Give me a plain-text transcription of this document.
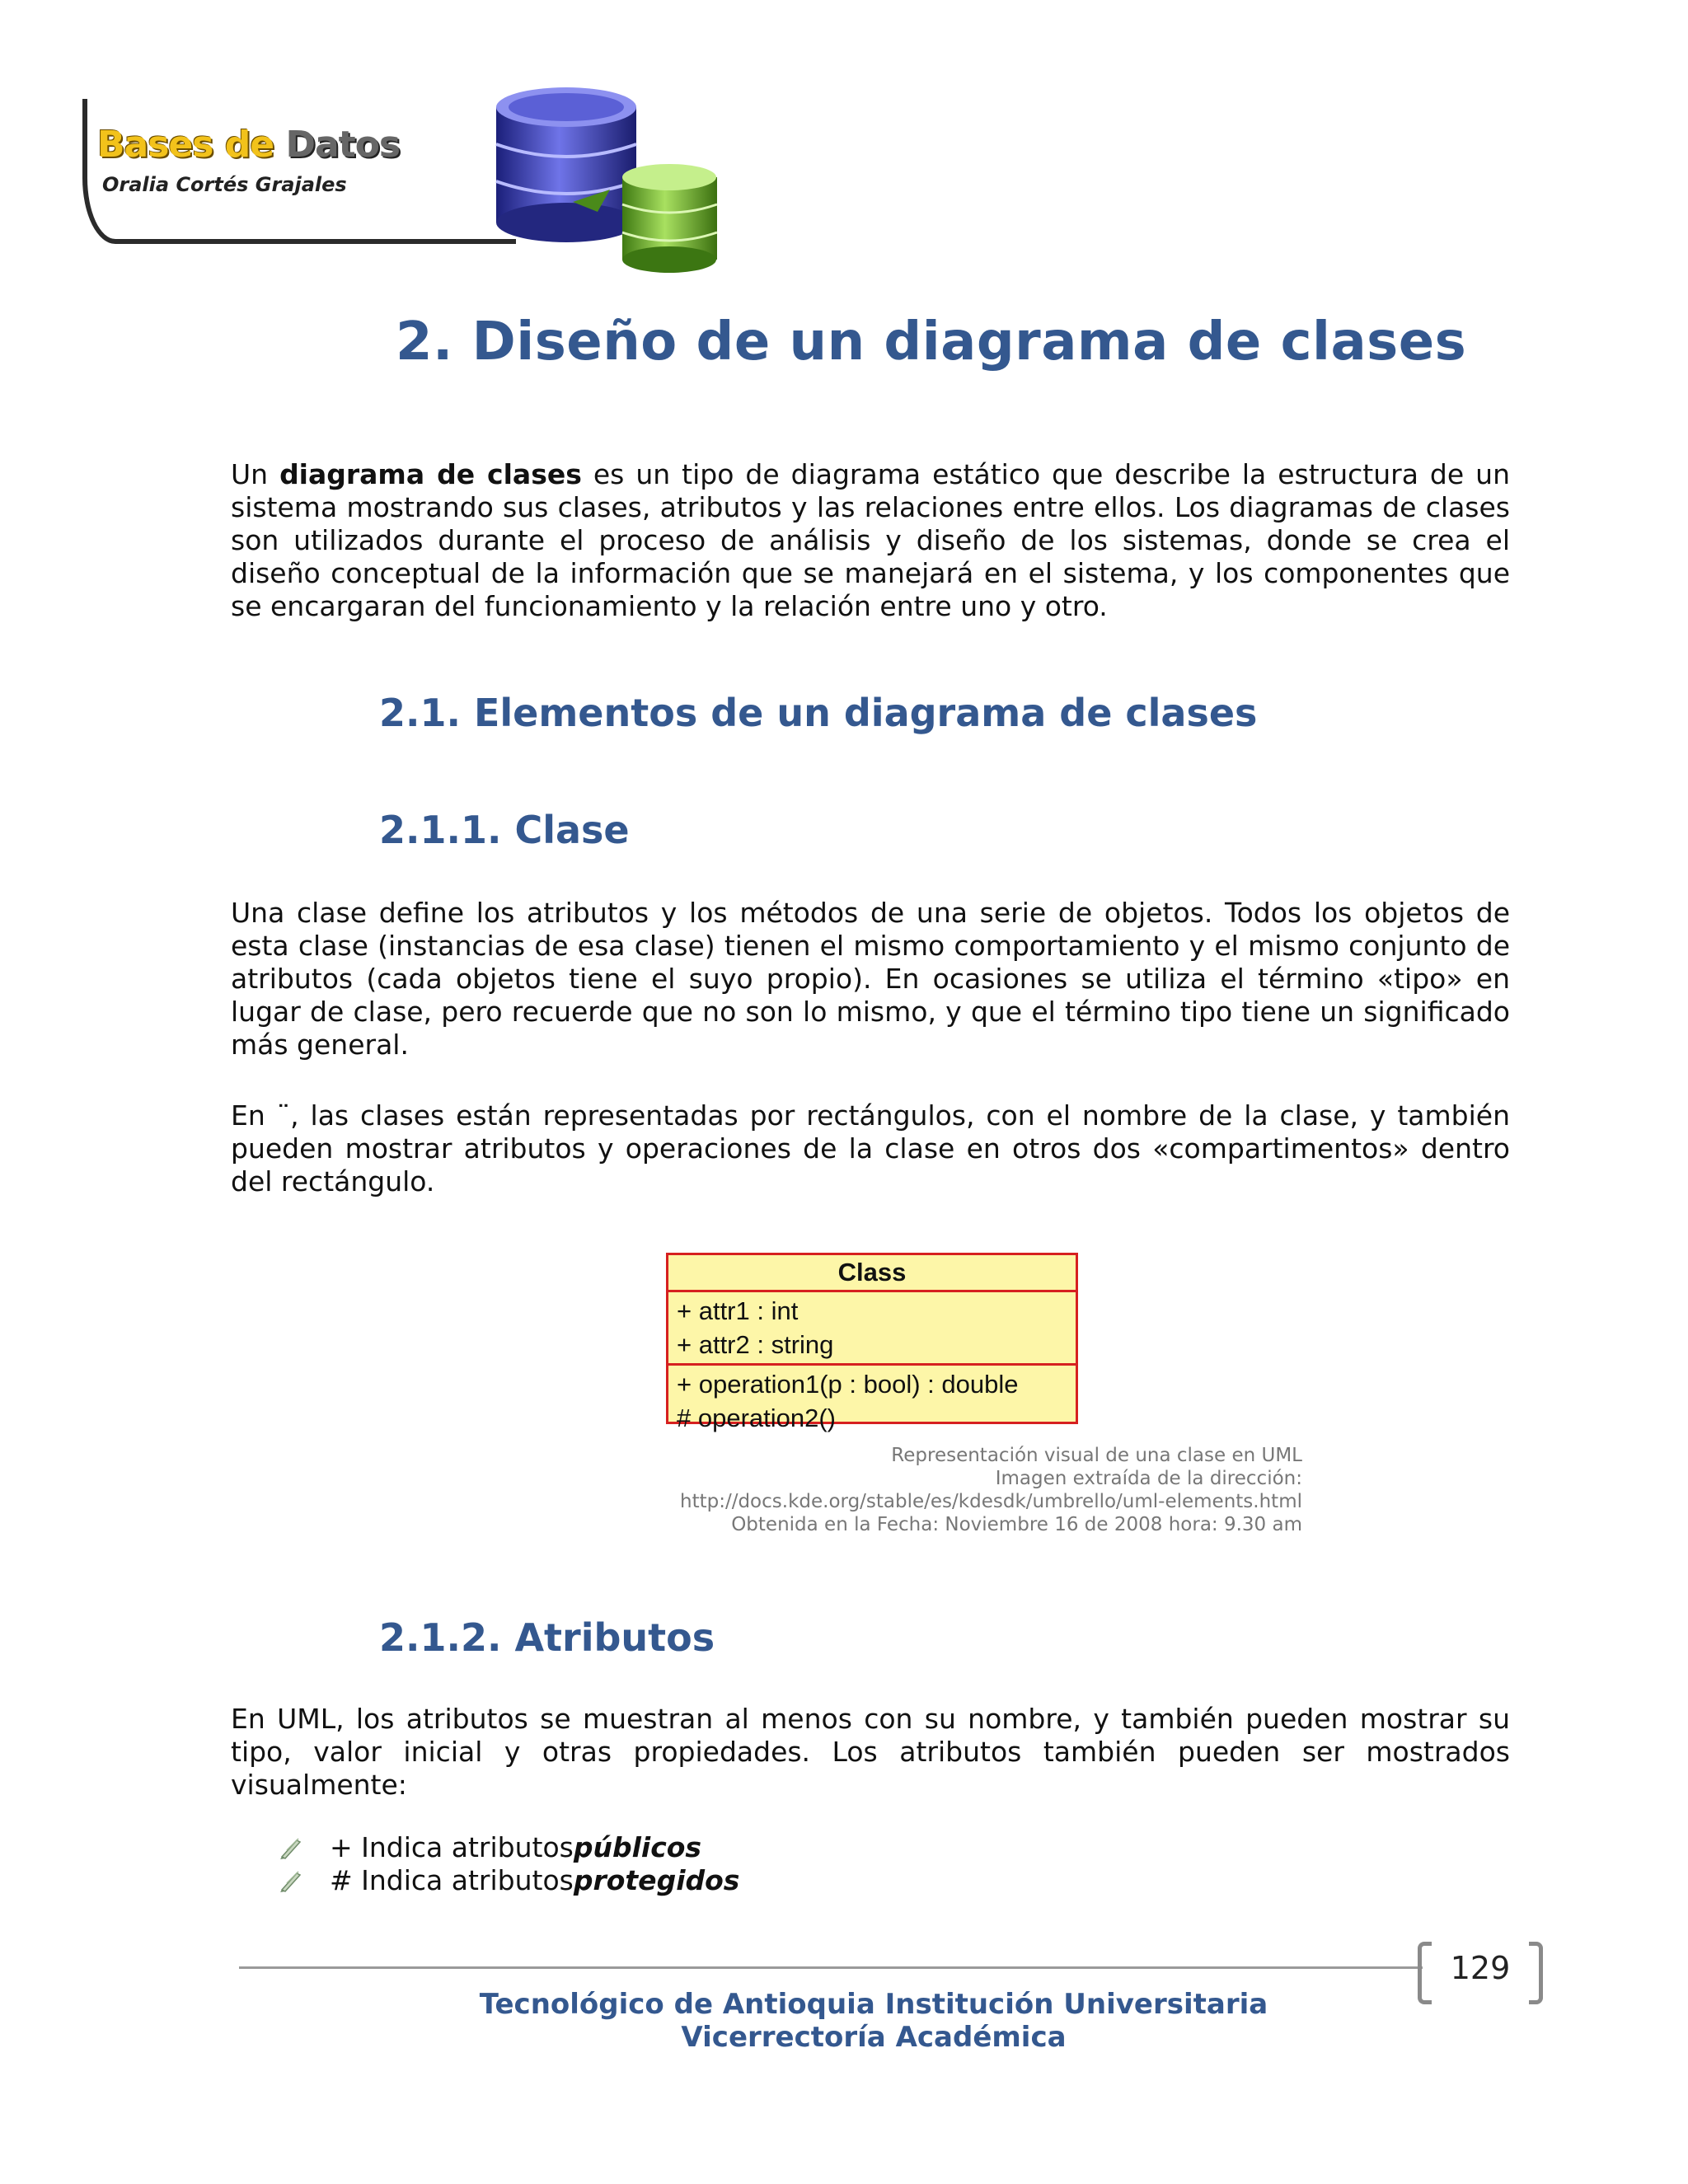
Bases de Datos
Oralia Cortés Grajales
2. Diseño de un diagrama de clases

Un diagrama de clases es un tipo de diagrama estático que describe la estructura de un sistema mostrando sus clases, atributos y las relaciones entre ellos. Los diagramas de clases son utilizados durante el proceso de análisis y diseño de los sistemas, donde se crea el diseño conceptual de la información que se manejará en el sistema, y los componentes que se encargaran del funcionamiento y la relación entre uno y otro.

2.1. Elementos de un diagrama de clases
2.1.1. Clase

Una clase define los atributos y los métodos de una serie de objetos. Todos los objetos de esta clase (instancias de esa clase) tienen el mismo comportamiento y el mismo conjunto de atributos (cada objetos tiene el suyo propio). En ocasiones se utiliza el término «tipo» en lugar de clase, pero recuerde que no son lo mismo, y que el término tipo tiene un significado más general.

En ¨, las clases están representadas por rectángulos, con el nombre de la clase, y también pueden mostrar atributos y operaciones de la clase en otros dos «compartimentos» dentro del rectángulo.

Class
+ attr1 : int
+ attr2 : string
+ operation1(p : bool) : double
# operation2()
Representación visual de una clase en UML
Imagen extraída de la dirección:
http://docs.kde.org/stable/es/kdesdk/umbrello/uml-elements.html
Obtenida en la Fecha: Noviembre 16 de 2008 hora: 9.30 am
2.1.2. Atributos

En UML, los atributos se muestran al menos con su nombre, y también pueden mostrar su tipo, valor inicial y otras propiedades. Los atributos también pueden ser mostrados visualmente:

+ Indica atributos públicos
# Indica atributos protegidos
129
Tecnológico de Antioquia Institución Universitaria
Vicerrectoría Académica
